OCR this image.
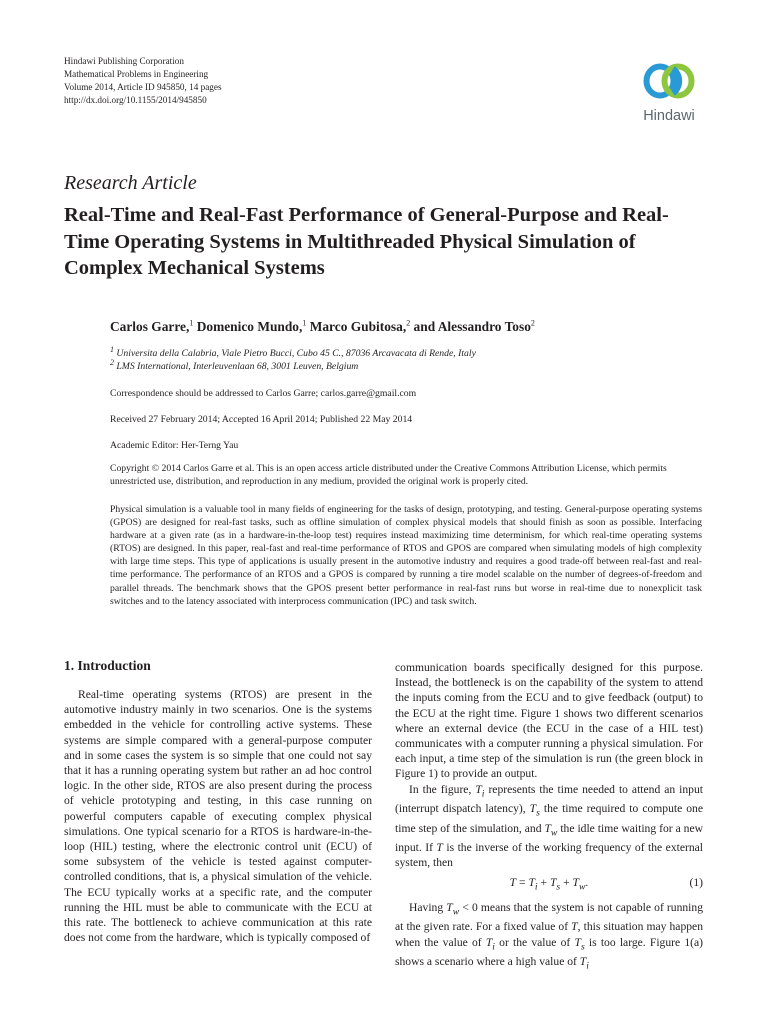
Hindawi Publishing Corporation
Mathematical Problems in Engineering
Volume 2014, Article ID 945850, 14 pages
http://dx.doi.org/10.1155/2014/945850
Hindawi
Research Article
Real-Time and Real-Fast Performance of General-Purpose and Real-Time Operating Systems in Multithreaded Physical Simulation of Complex Mechanical Systems
Carlos Garre,$^1$ Domenico Mundo,$^1$ Marco Gubitosa,$^2$ and Alessandro Toso$^2$
$^1$ Universita della Calabria, Viale Pietro Bucci, Cubo 45 C., 87036 Arcavacata di Rende, Italy
$^2$ LMS International, Interleuvenlaan 68, 3001 Leuven, Belgium
Correspondence should be addressed to Carlos Garre; carlos.garre@gmail.com
Received 27 February 2014; Accepted 16 April 2014; Published 22 May 2014
Academic Editor: Her-Terng Yau
Copyright © 2014 Carlos Garre et al. This is an open access article distributed under the Creative Commons Attribution License, which permits unrestricted use, distribution, and reproduction in any medium, provided the original work is properly cited.
Physical simulation is a valuable tool in many fields of engineering for the tasks of design, prototyping, and testing. General-purpose operating systems (GPOS) are designed for real-fast tasks, such as offline simulation of complex physical models that should finish as soon as possible. Interfacing hardware at a given rate (as in a hardware-in-the-loop test) requires instead maximizing time determinism, for which real-time operating systems (RTOS) are designed. In this paper, real-fast and real-time performance of RTOS and GPOS are compared when simulating models of high complexity with large time steps. This type of applications is usually present in the automotive industry and requires a good trade-off between real-fast and real-time performance. The performance of an RTOS and a GPOS is compared by running a tire model scalable on the number of degrees-of-freedom and parallel threads. The benchmark shows that the GPOS present better performance in real-fast runs but worse in real-time due to nonexplicit task switches and to the latency associated with interprocess communication (IPC) and task switch.
1. Introduction

Real-time operating systems (RTOS) are present in the automotive industry mainly in two scenarios. One is the systems embedded in the vehicle for controlling active systems. These systems are simple compared with a general-purpose computer and in some cases the system is so simple that one could not say that it has a running operating system but rather an ad hoc control logic. In the other side, RTOS are also present during the process of vehicle prototyping and testing, in this case running on powerful computers capable of executing complex physical simulations. One typical scenario for a RTOS is hardware-in-the-loop (HIL) testing, where the electronic control unit (ECU) of some subsystem of the vehicle is tested against computer-controlled conditions, that is, a physical simulation of the vehicle. The ECU typically works at a specific rate, and the computer running the HIL must be able to communicate with the ECU at this rate. The bottleneck to achieve communication at this rate does not come from the hardware, which is typically composed of

communication boards specifically designed for this purpose. Instead, the bottleneck is on the capability of the system to attend the inputs coming from the ECU and to give feedback (output) to the ECU at the right time. Figure 1 shows two different scenarios where an external device (the ECU in the case of a HIL test) communicates with a computer running a physical simulation. For each input, a time step of the simulation is run (the green block in Figure 1) to provide an output.

In the figure, $T_i$ represents the time needed to attend an input (interrupt dispatch latency), $T_s$ the time required to compute one time step of the simulation, and $T_w$ the idle time waiting for a new input. If T is the inverse of the working frequency of the external system, then

$T = T_i + T_s + T_w$.	(1)

Having $T_w < 0$ means that the system is not capable of running at the given rate. For a fixed value of T, this situation may happen when the value of $T_i$ or the value of $T_s$ is too large. Figure 1(a) shows a scenario where a high value of $T_i$
